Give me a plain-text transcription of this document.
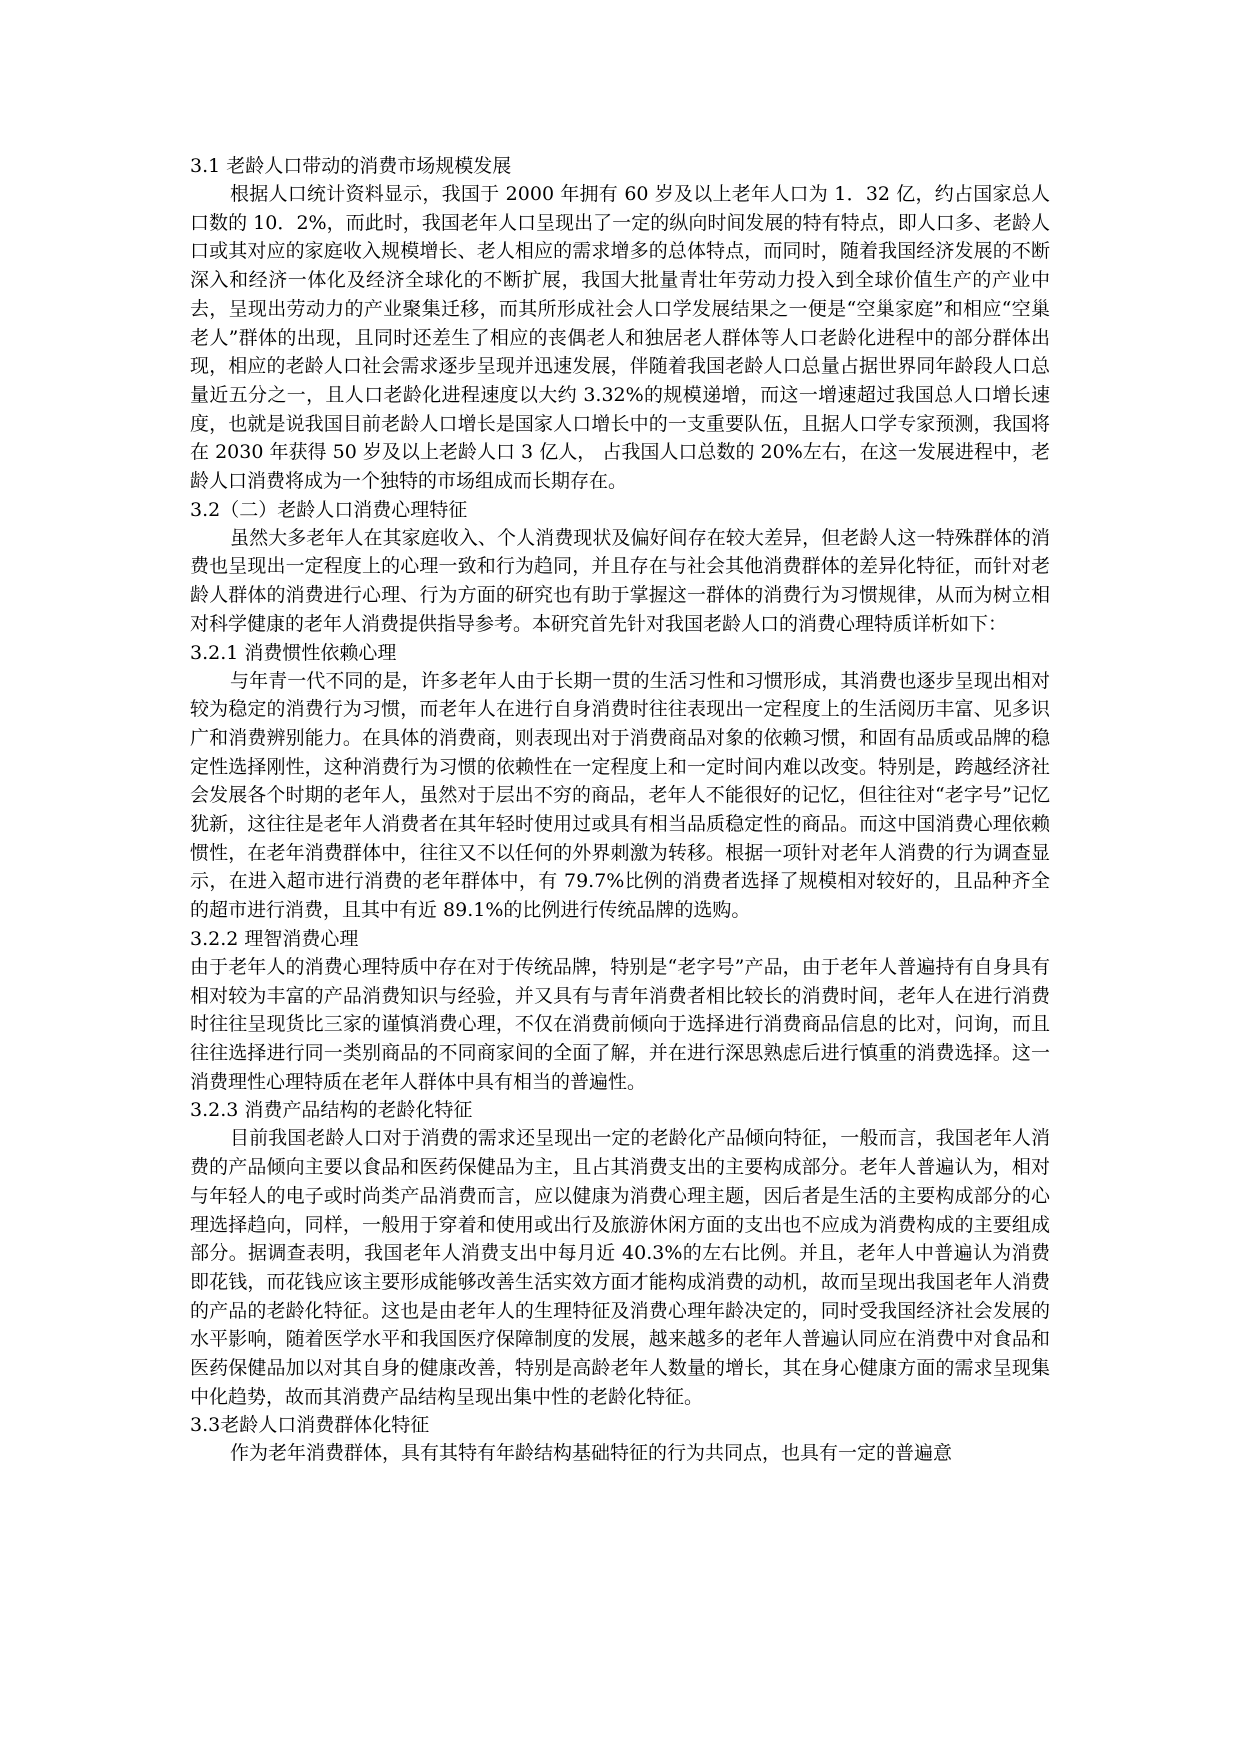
3.1 老龄人口带动的消费市场规模发展

根据人口统计资料显示，我国于 2000 年拥有 60 岁及以上老年人口为 1．32 亿，约占国家总人口数的 10．2%，而此时，我国老年人口呈现出了一定的纵向时间发展的特有特点，即人口多、老龄人口或其对应的家庭收入规模增长、老人相应的需求增多的总体特点，而同时，随着我国经济发展的不断深入和经济一体化及经济全球化的不断扩展，我国大批量青壮年劳动力投入到全球价值生产的产业中去，呈现出劳动力的产业聚集迁移，而其所形成社会人口学发展结果之一便是“空巢家庭”和相应“空巢老人”群体的出现，且同时还差生了相应的丧偶老人和独居老人群体等人口老龄化进程中的部分群体出现，相应的老龄人口社会需求逐步呈现并迅速发展，伴随着我国老龄人口总量占据世界同年龄段人口总量近五分之一，且人口老龄化进程速度以大约 3.32%的规模递增，而这一增速超过我国总人口增长速度，也就是说我国目前老龄人口增长是国家人口增长中的一支重要队伍，且据人口学专家预测，我国将在 2030 年获得 50 岁及以上老龄人口 3 亿人， 占我国人口总数的 20%左右，在这一发展进程中，老龄人口消费将成为一个独特的市场组成而长期存在。

3.2（二）老龄人口消费心理特征

虽然大多老年人在其家庭收入、个人消费现状及偏好间存在较大差异，但老龄人这一特殊群体的消费也呈现出一定程度上的心理一致和行为趋同，并且存在与社会其他消费群体的差异化特征，而针对老龄人群体的消费进行心理、行为方面的研究也有助于掌握这一群体的消费行为习惯规律，从而为树立相对科学健康的老年人消费提供指导参考。本研究首先针对我国老龄人口的消费心理特质详析如下：

3.2.1 消费惯性依赖心理

与年青一代不同的是，许多老年人由于长期一贯的生活习性和习惯形成，其消费也逐步呈现出相对较为稳定的消费行为习惯，而老年人在进行自身消费时往往表现出一定程度上的生活阅历丰富、见多识广和消费辨别能力。在具体的消费商，则表现出对于消费商品对象的依赖习惯，和固有品质或品牌的稳定性选择刚性，这种消费行为习惯的依赖性在一定程度上和一定时间内难以改变。特别是，跨越经济社会发展各个时期的老年人，虽然对于层出不穷的商品，老年人不能很好的记忆，但往往对“老字号”记忆犹新，这往往是老年人消费者在其年轻时使用过或具有相当品质稳定性的商品。而这中国消费心理依赖惯性，在老年消费群体中，往往又不以任何的外界刺激为转移。根据一项针对老年人消费的行为调查显示，在进入超市进行消费的老年群体中，有 79.7%比例的消费者选择了规模相对较好的，且品种齐全的超市进行消费，且其中有近 89.1%的比例进行传统品牌的选购。

3.2.2 理智消费心理

由于老年人的消费心理特质中存在对于传统品牌，特别是“老字号”产品，由于老年人普遍持有自身具有相对较为丰富的产品消费知识与经验，并又具有与青年消费者相比较长的消费时间，老年人在进行消费时往往呈现货比三家的谨慎消费心理，不仅在消费前倾向于选择进行消费商品信息的比对，问询，而且往往选择进行同一类别商品的不同商家间的全面了解，并在进行深思熟虑后进行慎重的消费选择。这一消费理性心理特质在老年人群体中具有相当的普遍性。

3.2.3 消费产品结构的老龄化特征

目前我国老龄人口对于消费的需求还呈现出一定的老龄化产品倾向特征，一般而言，我国老年人消费的产品倾向主要以食品和医药保健品为主，且占其消费支出的主要构成部分。老年人普遍认为，相对与年轻人的电子或时尚类产品消费而言，应以健康为消费心理主题，因后者是生活的主要构成部分的心理选择趋向，同样，一般用于穿着和使用或出行及旅游休闲方面的支出也不应成为消费构成的主要组成部分。据调查表明，我国老年人消费支出中每月近 40.3%的左右比例。并且，老年人中普遍认为消费即花钱，而花钱应该主要形成能够改善生活实效方面才能构成消费的动机，故而呈现出我国老年人消费的产品的老龄化特征。这也是由老年人的生理特征及消费心理年龄决定的，同时受我国经济社会发展的水平影响，随着医学水平和我国医疗保障制度的发展，越来越多的老年人普遍认同应在消费中对食品和医药保健品加以对其自身的健康改善，特别是高龄老年人数量的增长，其在身心健康方面的需求呈现集中化趋势，故而其消费产品结构呈现出集中性的老龄化特征。

3.3老龄人口消费群体化特征

作为老年消费群体，具有其特有年龄结构基础特征的行为共同点，也具有一定的普遍意
